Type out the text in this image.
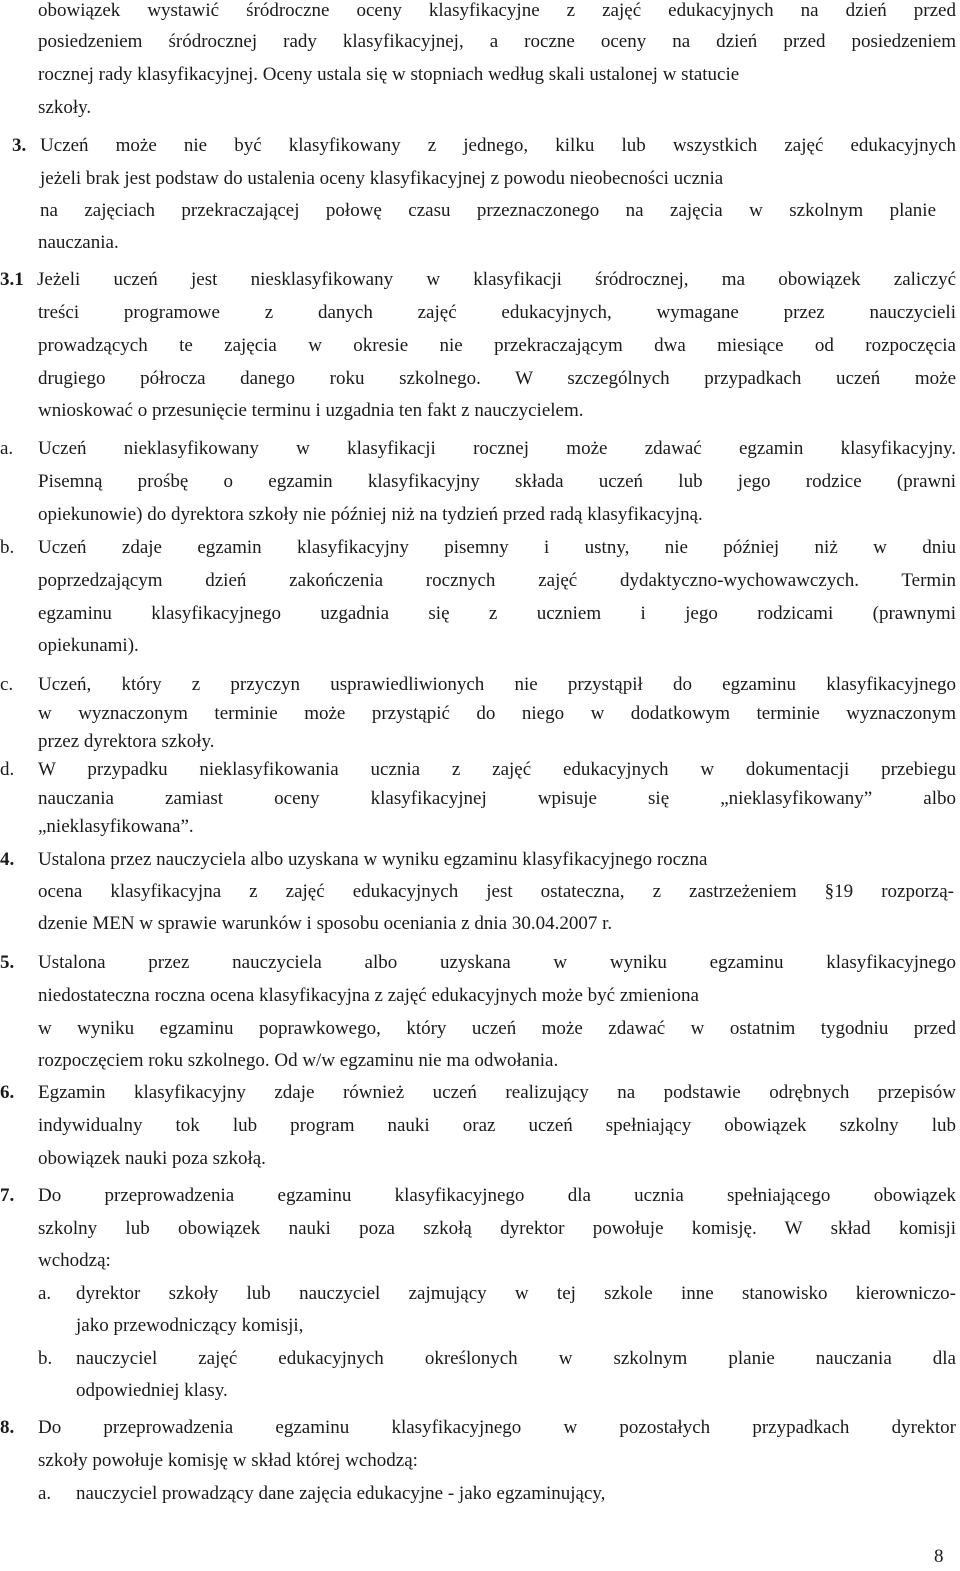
obowiązek wystawić śródroczne oceny klasyfikacyjne z zajęć edukacyjnych na dzień przed
posiedzeniem śródrocznej rady klasyfikacyjnej, a roczne oceny na dzień przed posiedzeniem
rocznej rady klasyfikacyjnej. Oceny ustala się w stopniach według skali ustalonej w statucie
szkoły.
3. Uczeń może nie być klasyfikowany z jednego, kilku lub wszystkich zajęć edukacyjnych
jeżeli brak jest podstaw do ustalenia oceny klasyfikacyjnej z powodu nieobecności ucznia
na zajęciach przekraczającej połowę czasu przeznaczonego na zajęcia w szkolnym planie
nauczania.
3.1 Jeżeli uczeń jest niesklasyfikowany w klasyfikacji śródrocznej, ma obowiązek zaliczyć
treści programowe z danych zajęć edukacyjnych, wymagane przez nauczycieli
prowadzących te zajęcia w okresie nie przekraczającym dwa miesiące od rozpoczęcia
drugiego półrocza danego roku szkolnego. W szczególnych przypadkach uczeń może
wnioskować o przesunięcie terminu i uzgadnia ten fakt z nauczycielem.
a. Uczeń nieklasyfikowany w klasyfikacji rocznej może zdawać egzamin klasyfikacyjny.
Pisemną prośbę o egzamin klasyfikacyjny składa uczeń lub jego rodzice (prawni
opiekunowie) do dyrektora szkoły nie później niż na tydzień przed radą klasyfikacyjną.
b. Uczeń zdaje egzamin klasyfikacyjny pisemny i ustny, nie później niż w dniu
poprzedzającym dzień zakończenia rocznych zajęć dydaktyczno-wychowawczych. Termin
egzaminu klasyfikacyjnego uzgadnia się z uczniem i jego rodzicami (prawnymi
opiekunami).
c. Uczeń, który z przyczyn usprawiedliwionych nie przystąpił do egzaminu klasyfikacyjnego
w wyznaczonym terminie może przystąpić do niego w dodatkowym terminie wyznaczonym
przez dyrektora szkoły.
d. W przypadku nieklasyfikowania ucznia z zajęć edukacyjnych w dokumentacji przebiegu
nauczania zamiast oceny klasyfikacyjnej wpisuje się „nieklasyfikowany” albo
„nieklasyfikowana”.
4. Ustalona przez nauczyciela albo uzyskana w wyniku egzaminu klasyfikacyjnego roczna
ocena klasyfikacyjna z zajęć edukacyjnych jest ostateczna, z zastrzeżeniem §19 rozporzą-
dzenie MEN w sprawie warunków i sposobu oceniania z dnia 30.04.2007 r.
5. Ustalona przez nauczyciela albo uzyskana w wyniku egzaminu klasyfikacyjnego
niedostateczna roczna ocena klasyfikacyjna z zajęć edukacyjnych może być zmieniona
w wyniku egzaminu poprawkowego, który uczeń może zdawać w ostatnim tygodniu przed
rozpoczęciem roku szkolnego. Od w/w egzaminu nie ma odwołania.
6. Egzamin klasyfikacyjny zdaje również uczeń realizujący na podstawie odrębnych przepisów
indywidualny tok lub program nauki oraz uczeń spełniający obowiązek szkolny lub
obowiązek nauki poza szkołą.
7. Do przeprowadzenia egzaminu klasyfikacyjnego dla ucznia spełniającego obowiązek
szkolny lub obowiązek nauki poza szkołą dyrektor powołuje komisję. W skład komisji
wchodzą:
a. dyrektor szkoły lub nauczyciel zajmujący w tej szkole inne stanowisko kierowniczo-
jako przewodniczący komisji,
b. nauczyciel zajęć edukacyjnych określonych w szkolnym planie nauczania dla
odpowiedniej klasy.
8. Do przeprowadzenia egzaminu klasyfikacyjnego w pozostałych przypadkach dyrektor
szkoły powołuje komisję w skład której wchodzą:
a. nauczyciel prowadzący dane zajęcia edukacyjne - jako egzaminujący,
8
